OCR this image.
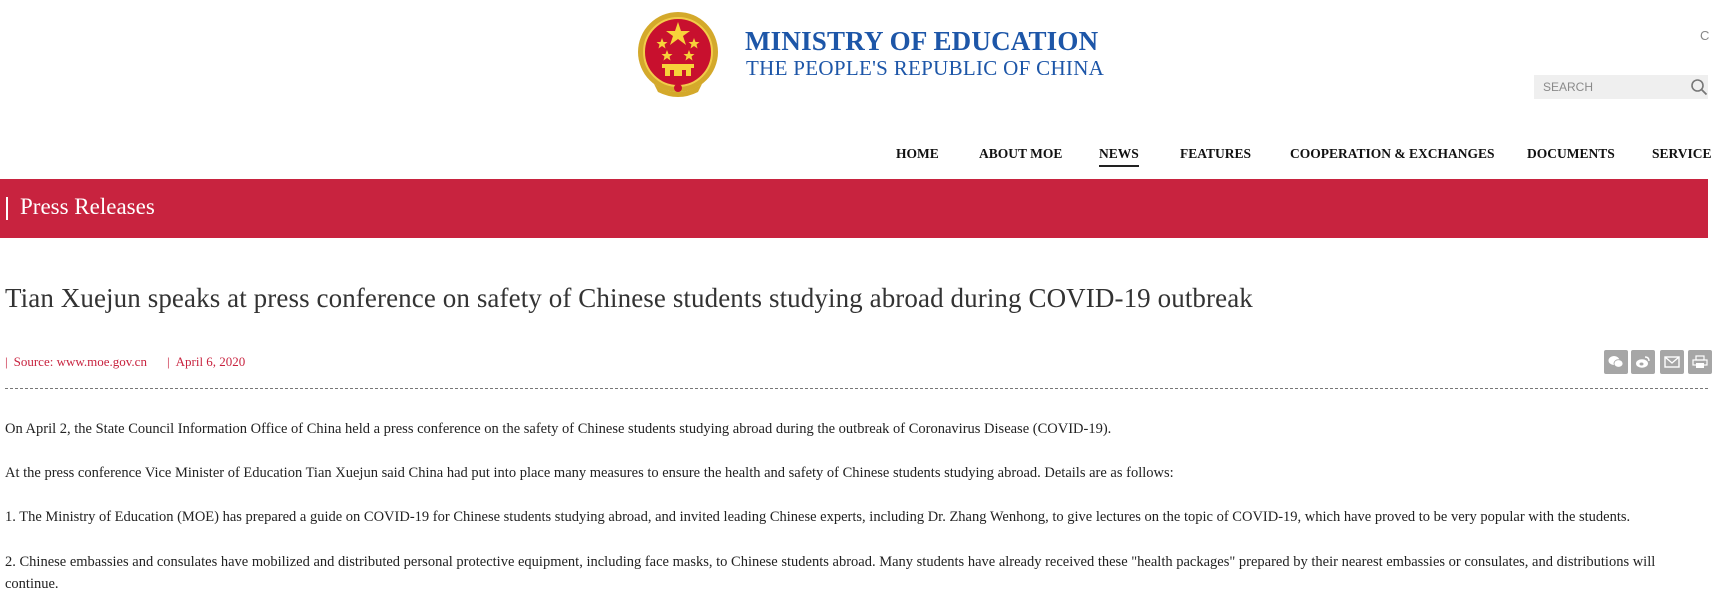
MINISTRY OF EDUCATION
THE PEOPLE'S REPUBLIC OF CHINA
C
SEARCH
HOME	ABOUT MOE	NEWS	FEATURES	COOPERATION & EXCHANGES DOCUMENTS	SERVICE
Press Releases
Tian Xuejun speaks at press conference on safety of Chinese students studying abroad during COVID-19 outbreak
| Source: www.moe.gov.cn | April 6, 2020

On April 2, the State Council Information Office of China held a press conference on the safety of Chinese students studying abroad during the outbreak of Coronavirus Disease (COVID-19).

At the press conference Vice Minister of Education Tian Xuejun said China had put into place many measures to ensure the health and safety of Chinese students studying abroad. Details are as follows:

1. The Ministry of Education (MOE) has prepared a guide on COVID-19 for Chinese students studying abroad, and invited leading Chinese experts, including Dr. Zhang Wenhong, to give lectures on the topic of COVID-19, which have proved to be very popular with the students.

2. Chinese embassies and consulates have mobilized and distributed personal protective equipment, including face masks, to Chinese students abroad. Many students have already received these "health packages" prepared by their nearest embassies or consulates, and distributions will continue.
